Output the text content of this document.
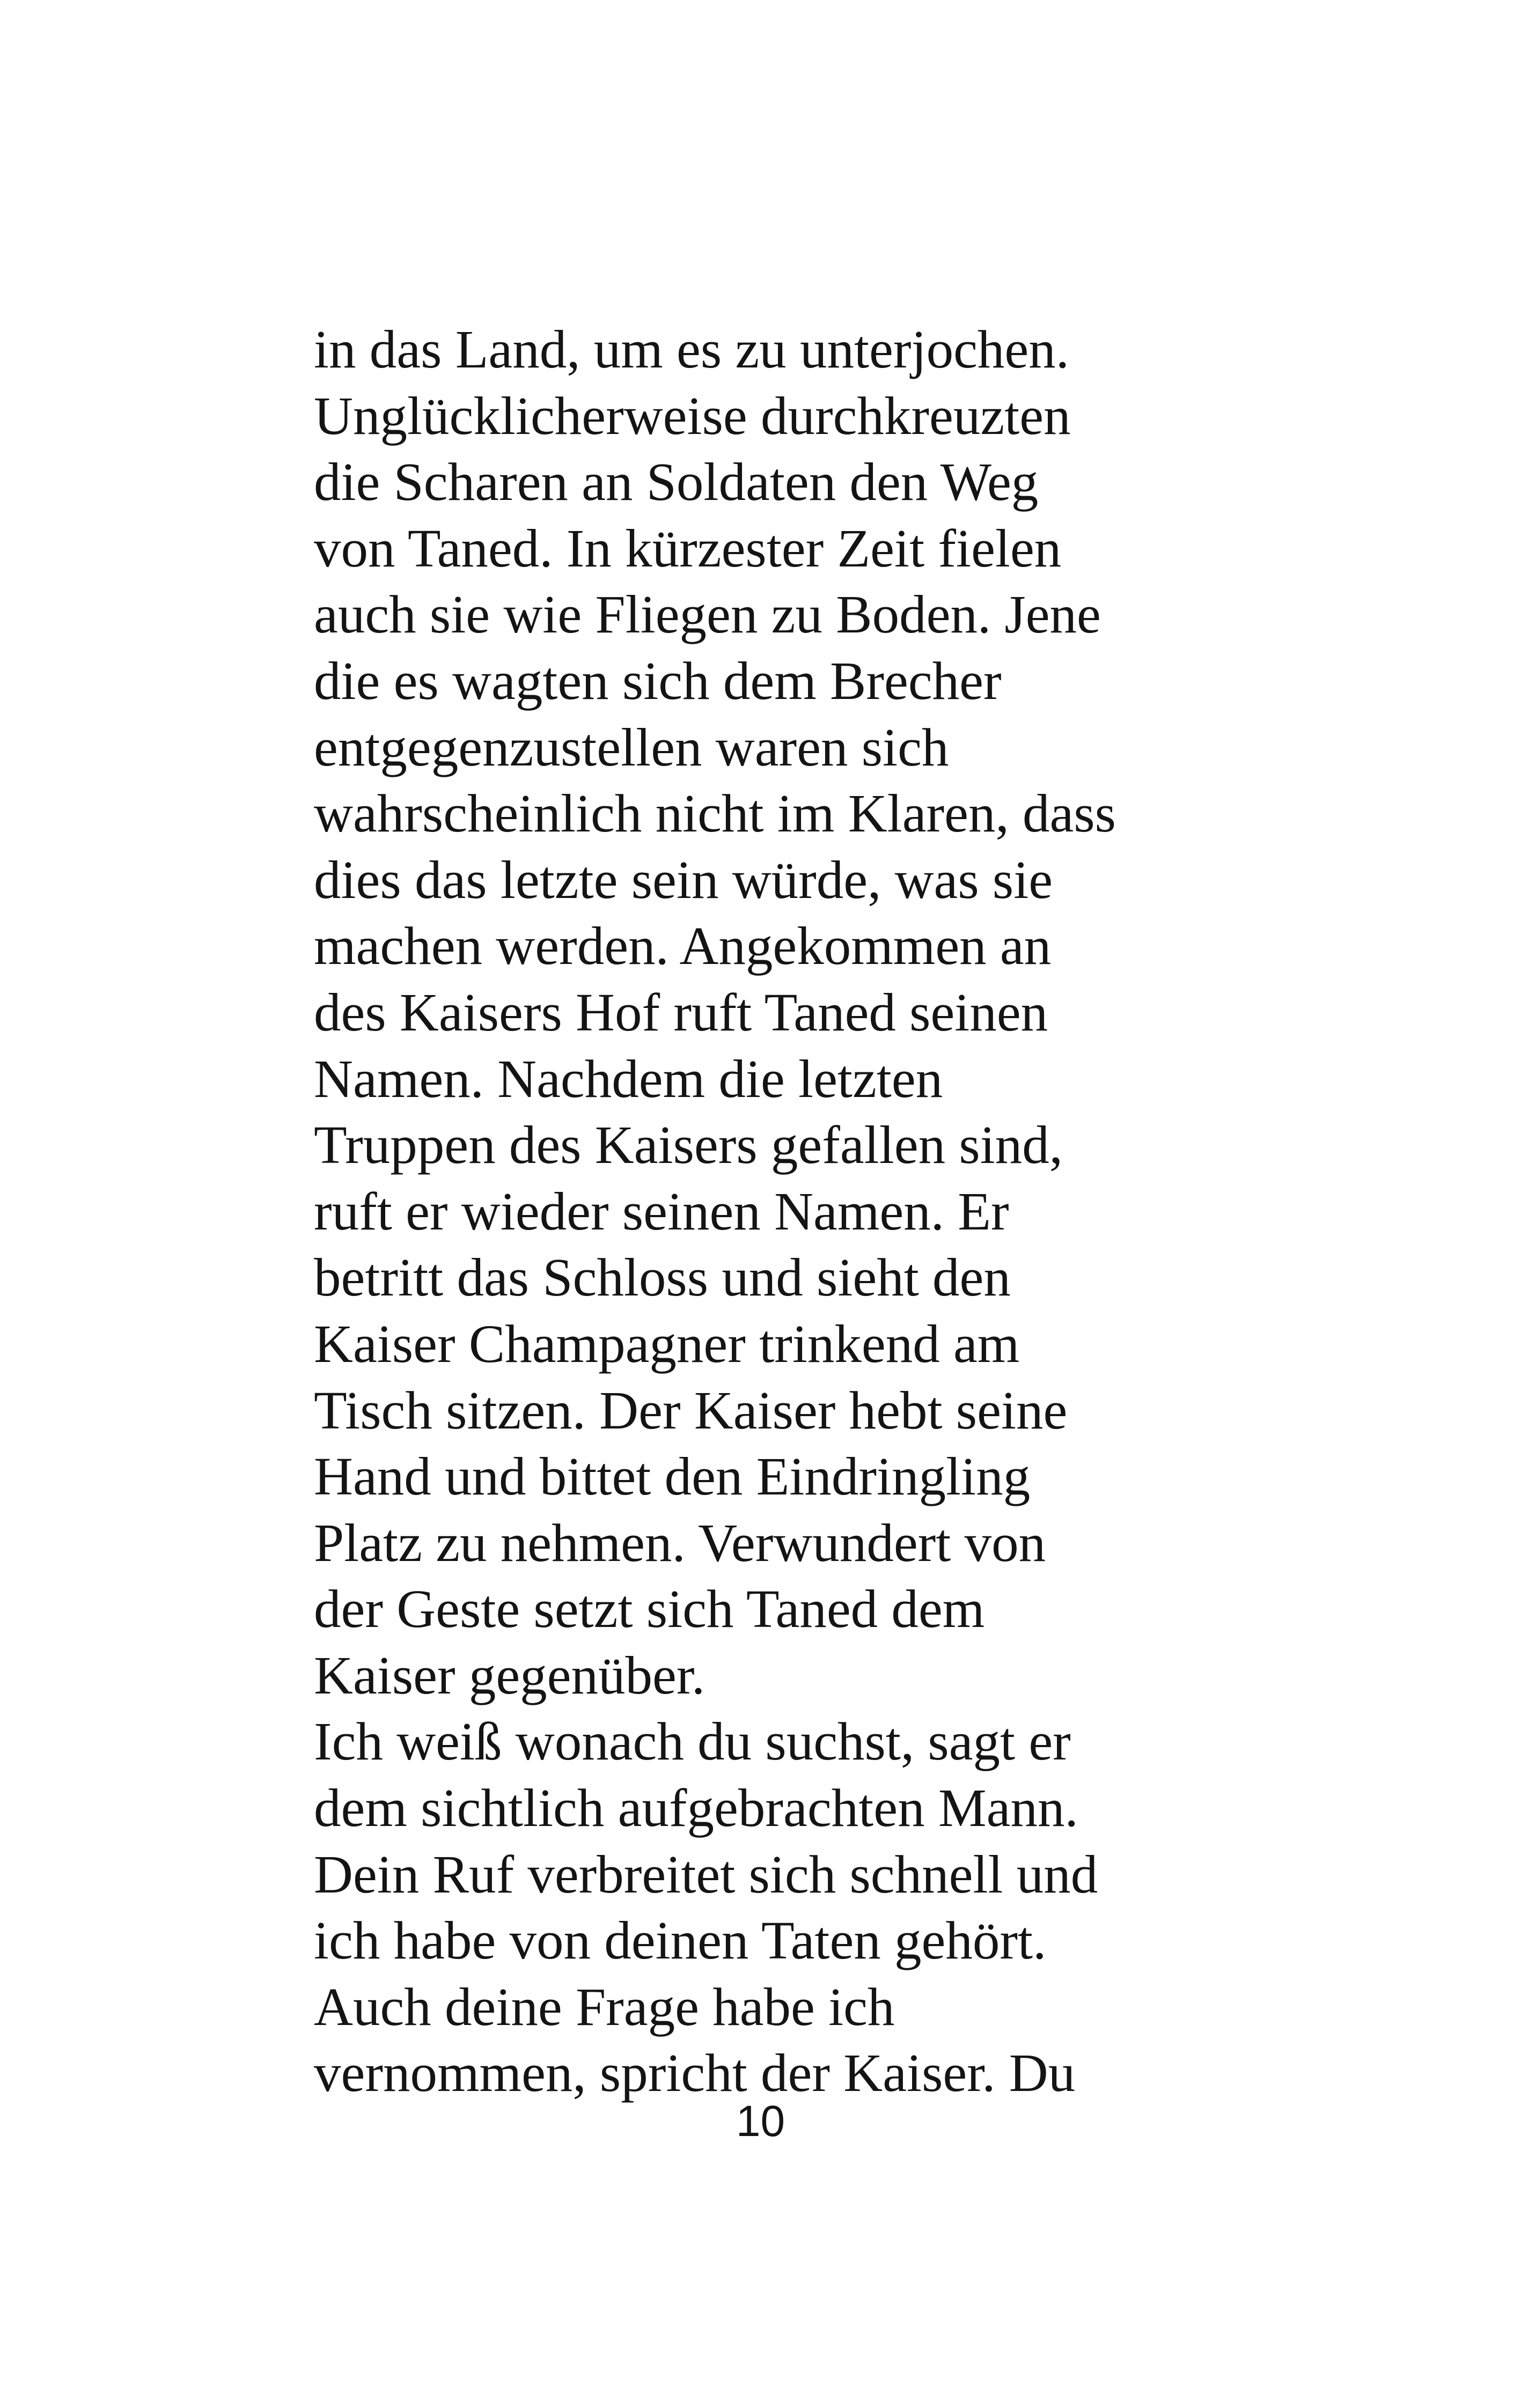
in das Land, um es zu unterjochen.
Unglücklicherweise durchkreuzten
die Scharen an Soldaten den Weg
von Taned. In kürzester Zeit fielen
auch sie wie Fliegen zu Boden. Jene
die es wagten sich dem Brecher
entgegenzustellen waren sich
wahrscheinlich nicht im Klaren, dass
dies das letzte sein würde, was sie
machen werden. Angekommen an
des Kaisers Hof ruft Taned seinen
Namen. Nachdem die letzten
Truppen des Kaisers gefallen sind,
ruft er wieder seinen Namen. Er
betritt das Schloss und sieht den
Kaiser Champagner trinkend am
Tisch sitzen. Der Kaiser hebt seine
Hand und bittet den Eindringling
Platz zu nehmen. Verwundert von
der Geste setzt sich Taned dem
Kaiser gegenüber.
Ich weiß wonach du suchst, sagt er
dem sichtlich aufgebrachten Mann.
Dein Ruf verbreitet sich schnell und
ich habe von deinen Taten gehört.
Auch deine Frage habe ich
vernommen, spricht der Kaiser. Du
10
